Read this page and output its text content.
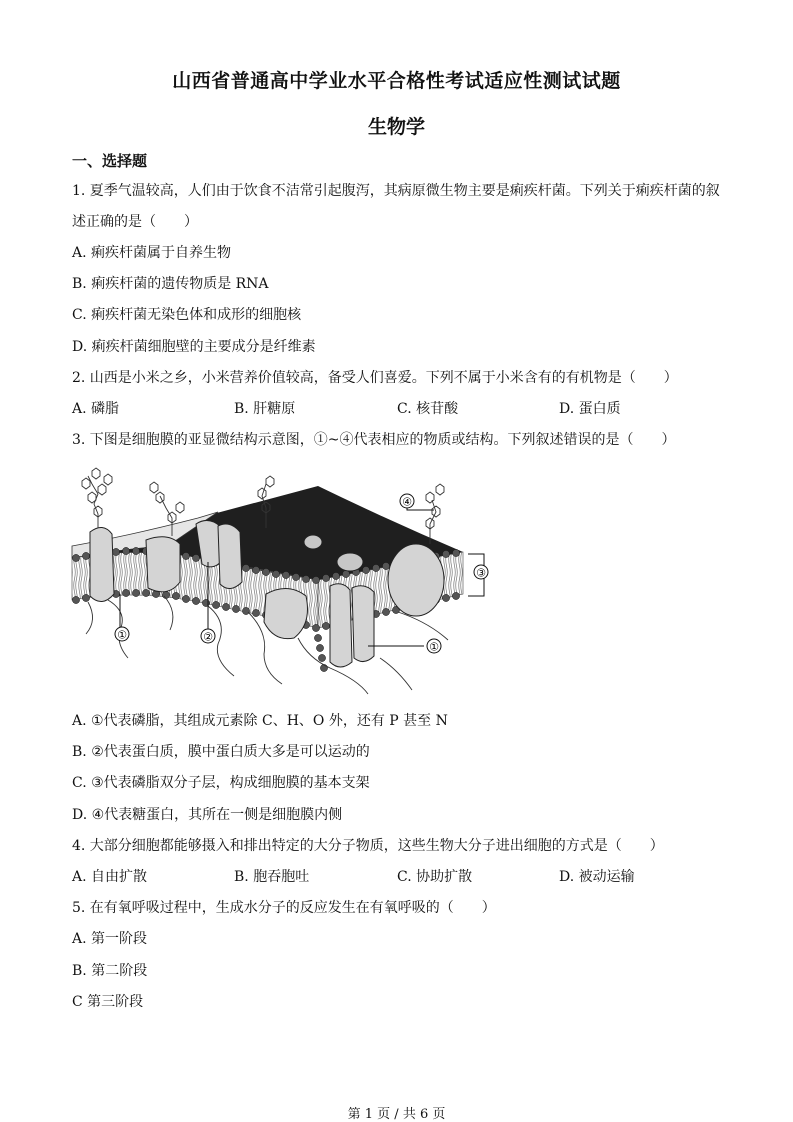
山西省普通高中学业水平合格性考试适应性测试试题
生物学
一、选择题
1. 夏季气温较高，人们由于饮食不洁常引起腹泻，其病原微生物主要是痢疾杆菌。下列关于痢疾杆菌的叙
述正确的是（　　）
A. 痢疾杆菌属于自养生物
B. 痢疾杆菌的遗传物质是 RNA
C. 痢疾杆菌无染色体和成形的细胞核
D. 痢疾杆菌细胞壁的主要成分是纤维素
2. 山西是小米之乡，小米营养价值较高，备受人们喜爱。下列不属于小米含有的有机物是（　　）
A. 磷脂	B. 肝糖原	C. 核苷酸	D. 蛋白质
3. 下图是细胞膜的亚显微结构示意图，①~④代表相应的物质或结构。下列叙述错误的是（　　）
①	②
③
④
①
A. ①代表磷脂，其组成元素除 C、H、O 外，还有 P 甚至 N
B. ②代表蛋白质，膜中蛋白质大多是可以运动的
C. ③代表磷脂双分子层，构成细胞膜的基本支架
D. ④代表糖蛋白，其所在一侧是细胞膜内侧
4. 大部分细胞都能够摄入和排出特定的大分子物质，这些生物大分子进出细胞的方式是（　　）
A. 自由扩散	B. 胞吞胞吐	C. 协助扩散	D. 被动运输
5. 在有氧呼吸过程中，生成水分子的反应发生在有氧呼吸的（　　）
A. 第一阶段
B. 第二阶段
C 第三阶段
第 1 页 / 共 6 页
